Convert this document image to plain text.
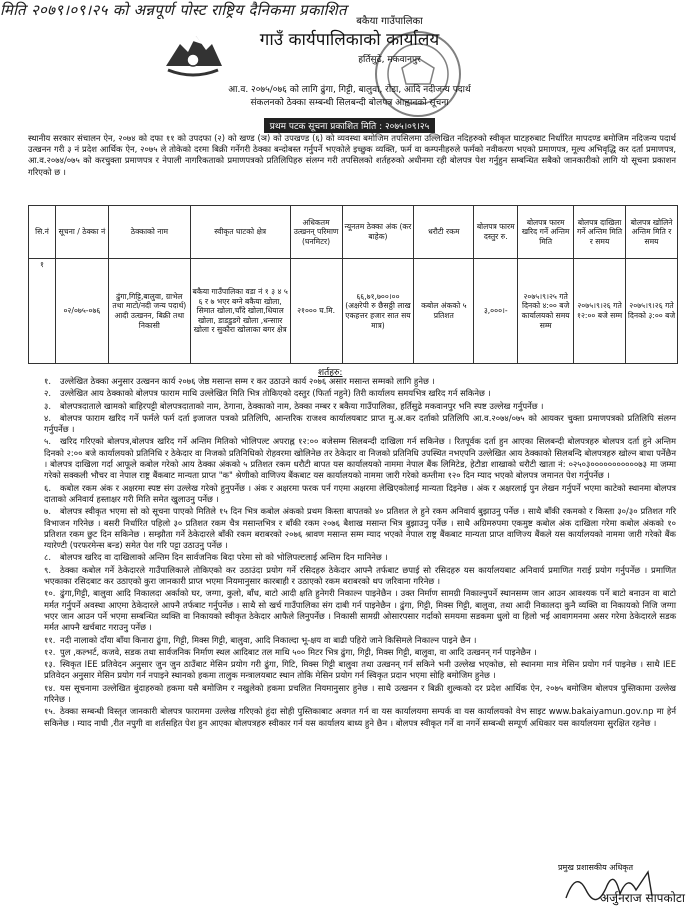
मिति २०७९।०९।२५ को अन्नपूर्ण पोस्ट राष्ट्रिय दैनिकमा प्रकाशित
बकैया गाउँपालिका
गाउँ कार्यपालिकाको कार्यालय
हर्तिसुढे, मकवानपुर
आ.व. २०७५/०७६ को लागि ढुंगा, गिट्टी, बालुवा, रोडा, आदि नदीजन्य पदार्थ
संकलनको ठेक्का सम्बन्धी सिलबन्दी बोलपत्र आह्वानको सूचना
प्रथम पटक सूचना प्रकाशित मिति : २०७५।०९।२५
स्थानीय सरकार संचालन ऐन, २०७४ को दफा ११ को उपदफा (२) को खण्ड (ञ) को उपखण्ड (६) को व्यवस्था बमोजिम तपसिलमा उल्लिखित नदिहरुको स्वीकृत घाटहरुबाट निर्धारित मापदण्ड बमोजिम नदिजन्य पदार्थ उत्खनन गरी ३ नं प्रदेश आर्थिक ऐन, २०७५ ले तोकेको दरमा बिक्री गर्नेगरी ठेक्का बन्दोबस्त गर्नुपर्ने भएकोले इच्छुक व्यक्ति, फर्म वा कम्पनीहरुले फर्मको नवीकरण भएको प्रमाणपत्र, मूल्य अभिवृद्धि कर दर्ता प्रमाणपत्र, आ.व.२०७४/०७५ को करचुक्ता प्रमाणपत्र र नेपाली नागरिकताको प्रमाणपत्रको प्रतिलिपिहरु संलग्न गरी तपसिलको शर्तहरुको अधीनमा रही बोलपत्र पेश गर्नुहुन सम्बन्धित सबैको जानकारीको लागि यो सूचना प्रकाशन गरिएको छ ।
सि.नं	सूचना / ठेक्का नं	ठेक्काको नाम	स्वीकृत घाटको क्षेत्र	अधिकतम उत्खनन् परिमाण (घनमिटर)	न्यूनतम ठेक्का अंक (कर बाहेक)	धरौटी रकम	बोलपत्र फारम दस्तुर रु.	बोलपत्र फारम खरिद गर्ने अन्तिम मिति	बोलपत्र दाखिला गर्ने अन्तिम मिति र समय	बोलपत्र खोलिने अन्तिम मिति र समय
१	०२/०७५-०७६	ढुंगा,गिट्टि,बालुवा, ग्राभेल तथा माटो/नदी जन्य पदार्थ) आदी उत्खनन, बिक्री तथा निकासी	बकैया गाउँपालिका वडा नं १ ३ ४ ५ ६ र ७ भएर बग्ने बकैया खोला, सिमात खोला,चाँदे खोला,धियाल खोला, डाडडुडगे खोला ,धन्साार खोला र सुकौरा खोलाका बगर क्षेत्र	२१००० घ.मि.	६६,७१,७००।०० (अक्षरेपी रु छैसठ्ठी लाख एकहत्तर हजार सात सय मात्र)	कबोल अंकको ५ प्रतिशत	३,०००।-	२०७५।९।२५ गते दिनको ४:०० बजे कार्यालयको समय सम्म	२०७५।९।२६ गते १२:०० बजे सम्म	२०७५।९।२६ गते दिनको ३:०० बजे
शर्तहरु:
१. उल्लेखित ठेक्का अनुसार उत्खनन कार्य २०७६ जेष्ठ मसान्त सम्म र कर उठाउने कार्य २०७६ असार मसान्त सम्मको लागि हुनेछ ।
२. उल्लेखित आय ठेक्काको बोलपत्र फाराम माथि उल्लेखित मिति भित्र तोकिएको दस्तुर (फिर्ता नहुने) तिरी कार्यालय समयभित्र खरिद गर्न सकिनेछ ।
३. बोलपत्रदाताले खामको बाहिरपट्टी बोलपत्रदाताको नाम, ठेगाना, ठेक्काको नाम, ठेक्का नम्बर र बकैया गाउँपालिका, हर्तिसुढे मकवानपुर भनि स्पष्ट उल्लेख गर्नुपर्नेछ ।
४. बोलपत्र फाराम खरिद गर्ने फर्मले फर्म दर्ता इजाजत पत्रको प्रतिलिपि, आन्तरिक राजश्व कार्यालयबाट प्राप्त मु.अ.कर दर्ताको प्रतिलिपि आ.व.२०७४/०७५ को आयकर चुक्ता प्रमाणपत्रको प्रतिलिपि संलग्न गर्नुपर्नेछ ।
५. खरिद गरिएको बोलपत्र,बोलपत्र खरिद गर्ने अन्तिम मितिको भोलिपल्ट अपराह्न १२:०० बजेसम्म सिलबन्दी दाखिला गर्न सकिनेछ । रितपूर्वक दर्ता हुन आएका सिलबन्दी बोलपत्रहरु बोलपत्र दर्ता हुने अन्तिम दिनको २:०० बजे कार्यालयको प्रतिनिधि र ठेकेदार वा निजको प्रतिनिधिको रोहवरमा खोलिनेछ तर ठेकेदार वा निजको प्रतिनिधि उपस्थित नभएपनि उल्लेखित आय ठेक्काको सिलबन्दि बोलपत्रहरु खोल्न बाधा पर्नेछैन । बोलपत्र दाखिला गर्दा आफूले कबोल गरेको आय ठेक्का अंकको ५ प्रतिशत रकम धरौटी बापत यस कार्यालयको नाममा नेपाल बैंक लिमिटेड, हेटौडा शाखाको धरौटी खाता नं: ०२५०३०००००००००००७३ मा जम्मा गरेको सक्कली भौचर वा नेपाल राष्ट्र बैंकबाट मान्यता प्राप्त "क" श्रेणीको वाणिज्य बैंकबाट यस कार्यालयको नाममा जारी गरेको कम्तीमा १२० दिन म्याद भएको बोलपत्र जमानत पेश गर्नुपर्नेछ ।
६. कबोल रकम अंक र अक्षरमा स्पष्ट संग उल्लेख गरेको हुनुपर्नेछ । अंक र अक्षरमा फरक पर्न गएमा अक्षरमा लेखिएकोलाई मान्यता दिइनेछ । अंक र अक्षरलाई पुन लेखन गर्नुपर्ने भएमा काटेको स्थानमा बोलपत्र दाताको अनिवार्य हस्ताक्षर गरी मिति समेत खुलाउनु पर्नेछ ।
७. बोलपत्र स्वीकृत भएमा सो को सूचना पाएको मितिले १५ दिन भित्र कबोल अंकको प्रथम किस्ता बापतको ४० प्रतिशत ले हुने रकम अनिवार्य बुझाउनु पर्नेछ । साथै बाँकी रकमको र किस्ता ३०/३० प्रतिशत गरि विभाजन गरिनेछ । बसरी निर्धारित पहिलो ३० प्रतिशत रकम चैत्र मसान्तभित्र र बाँकी रकम २०७६ बैशाख मसान्त भित्र बुझाउनु पर्नेछ । साथै अग्रिमरुपमा एकमुष्ट कबोल अंक दाखिला गरेमा कबोल अंकको १० प्रतिशत रकम छुट दिन सकिनेछ । सम्झौता गर्ने ठेकेदारले बाँकी रकम बराबरको २०७६ श्रावण मसान्त सम्म म्याद भएको नेपाल राष्ट्र बैंकबाट मान्यता प्राप्त वाणिज्य बैंकले यस कार्यालयको नाममा जारी गरेको बैंक ग्यारेण्टी (परफरमेन्स बन्ड) समेत पेश गरि पट्टा उठाउनु पर्नेछ ।
८. बोलपत्र खरिद वा दाखिलाको अन्तिम दिन सार्वजनिक बिदा परेमा सो को भोलिपल्टलाई अन्तिम दिन मानिनेछ ।
९. ठेक्का कबोल गर्ने ठेकेदारले गाउँपालिकाले तोकिएको कर उठाउंदा प्रयोग गर्ने रसिदहरु ठेकेदार आफ्नै तर्फबाट छपाई सो रसिदहरु यस कार्यालयबाट अनिवार्य प्रमाणित गराई प्रयोग गर्नुपर्नेछ । प्रमाणित भएकाका रसिदबाट कर उठाएको कुरा जानकारी प्राप्त भएमा नियमानुसार कारबाही र उठाएको रकम बराबरको थप जरिवाना गरिनेछ ।
१०. ढुंगा,गिट्टी, बालुवा आदि निकालदा अर्काको घर, जग्गा, कुलो, बाँध, बाटो आदी क्षति हुनेगरी निकाल्न पाइनेछैन । उक्त निर्माण सामग्री निकाल्नुपर्ने स्थानसम्म जान आउन आवश्यक पर्ने बाटो बनाउन वा बाटो मर्मत गर्नुपर्ने अवस्था आएमा ठेकेदारले आफ्नै तर्फबाट गर्नुपर्नेछ । साथै सो खर्च गाउँपालिका संग दाबी गर्न पाइनेछैन । ढुंगा, गिट्टी, मिक्स गिट्टी, बालुवा, तथा आदी निकालदा कुनै व्यक्ति वा निकायको निजि जग्गा भएर जान आउन पर्ने भएमा सम्बन्धित व्यक्ति वा निकायको स्वीकृत ठेकेदार आफैले लिनुपर्नेछ । निकासी सामग्री ओसारपसार गर्दाको समयमा सडकमा धुलो वा हिलो भई आवागमनमा असर गरेमा ठेकेदारले सडक मर्मत आफ्नै खर्चबाट गराउनु पर्नेछ ।
११. नदी नालाको दाँया बाँया किनारा ढुंगा, गिट्टी, मिक्स गिट्टी, बालुवा, आदि निकाल्दा भू-क्षय वा बाढी पहिरो जाने किसिमले निकाल्न पाइने छैन ।
१२. पुल ,कल्भर्ट, कजवे, सडक तथा सार्वजनिक निर्माण स्थल आदिबाट तल माथि ५०० मिटर भित्र ढुंगा, गिट्टी, मिक्स गिट्टी, बालुवा, वा आदि उत्खनन् गर्न पाइनेछैन ।
१३. स्विकृत IEE प्रतिवेदन अनुसार जुन जुन ठाउँबाट मेसिन प्रयोग गरी ढुंगा, गिटि, मिक्स गिट्टी बालुवा तथा उत्खनन् गर्न सकिने भनी उल्लेख भएकोछ, सो स्थानमा मात्र मेसिन प्रयोग गर्न पाइनेछ । साथै IEE प्रतिवेदन अनुसार मेसिन प्रयोग गर्न नपाइने स्थानको हकमा तालुक मन्त्रालयबाट स्थान तोकि मेसिन प्रयोग गर्न स्विकृत प्रदान भएमा सोहि बमोजिम हुनेछ ।
१४. यस सूचनामा उल्लेखित बुंदाहरुको हकमा यसै बमोजिम र नखुलेको हकमा प्रचलित नियमानुसार हुनेछ । साथै उत्खनन र बिक्री शुल्कको दर प्रदेश आर्थिक ऐन, २०७५ बमोजिम बोलपत्र पुस्तिकामा उल्लेख गरिनेछ ।
१५. ठेक्का सम्बन्धी विस्तृत जानकारी बोलपत्र फाराममा उल्लेख गरिएको हुंदा सोही पुस्तिकाबाट अवगत गर्न वा यस कार्यालयमा सम्पर्क वा यस कार्यालयको वेभ साइट www.bakaiyamun.gov.np मा हेर्न सकिनेछ । म्याद नाघी ,रीत नपुगी वा शर्तसहित पेश हुन आएका बोलपत्रहरु स्वीकार गर्न यस कार्यालय बाध्य हुने छैन । बोलपत्र स्वीकृत गर्ने वा नगर्ने सम्बन्धी सम्पूर्ण अधिकार यस कार्यालयमा सुरक्षित रहनेछ ।
प्रमुख प्रशासकीय अधिकृत
अर्जुनराज सापकोटा
